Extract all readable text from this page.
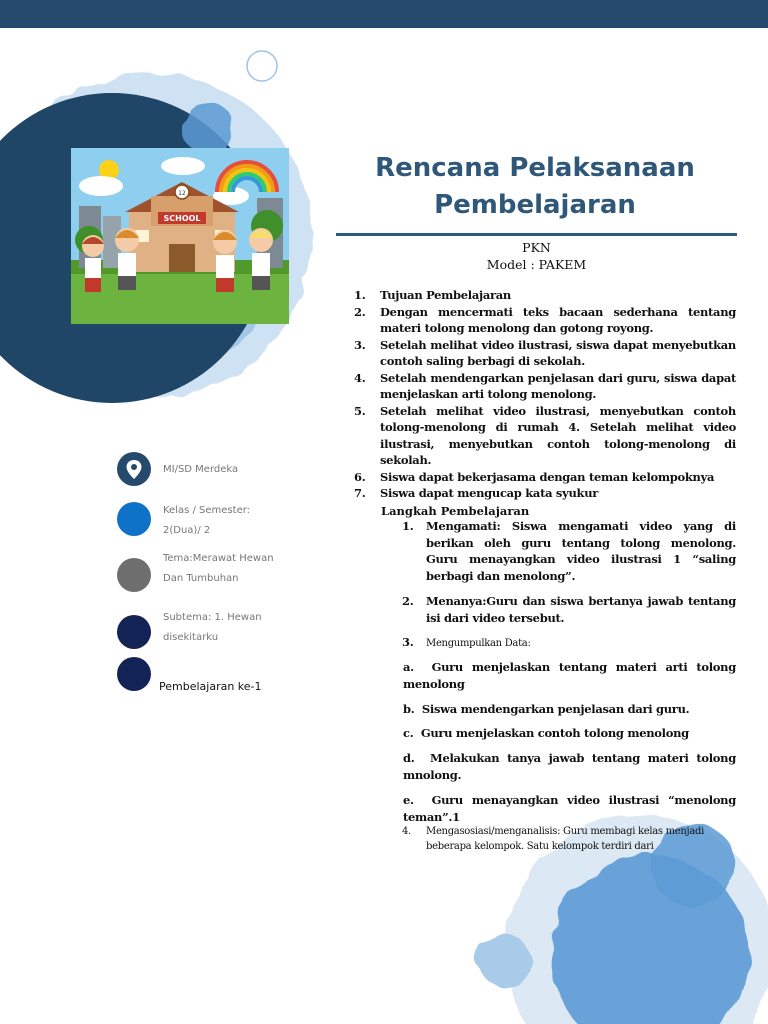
12
SCHOOL
Rencana Pelaksanaan
Pembelajaran
PKN
Model : PAKEM
MI/SD Merdeka
Kelas / Semester:
2(Dua)/ 2
Tema:Merawat Hewan
Dan Tumbuhan
Subtema: 1. Hewan
disekitarku
Pembelajaran ke-1
1. Tujuan Pembelajaran
2. Dengan mencermati teks bacaan sederhana tentang materi tolong menolong dan gotong royong.
3. Setelah melihat video ilustrasi, siswa dapat menyebutkan contoh saling berbagi di sekolah.
4. Setelah mendengarkan penjelasan dari guru, siswa dapat menjelaskan arti tolong menolong.
5. Setelah melihat video ilustrasi, menyebutkan contoh tolong-menolong di rumah 4. Setelah melihat video ilustrasi, menyebutkan contoh tolong-menolong di sekolah.
6. Siswa dapat bekerjasama dengan teman kelompoknya
7. Siswa dapat mengucap kata syukur
Langkah Pembelajaran
1. Mengamati: Siswa mengamati video yang di berikan oleh guru tentang tolong menolong. Guru menayangkan video ilustrasi 1 “saling berbagi dan menolong”.
2. Menanya:Guru dan siswa bertanya jawab tentang isi dari video tersebut.
3. Mengumpulkan Data:
a. Guru menjelaskan tentang materi arti tolong menolong
b. Siswa mendengarkan penjelasan dari guru.
c. Guru menjelaskan contoh tolong menolong
d. Melakukan tanya jawab tentang materi tolong mnolong.
e. Guru menayangkan video ilustrasi “menolong teman”.1
4. Mengasosiasi/menganalisis: Guru membagi kelas menjadi beberapa kelompok. Satu kelompok terdiri dari
